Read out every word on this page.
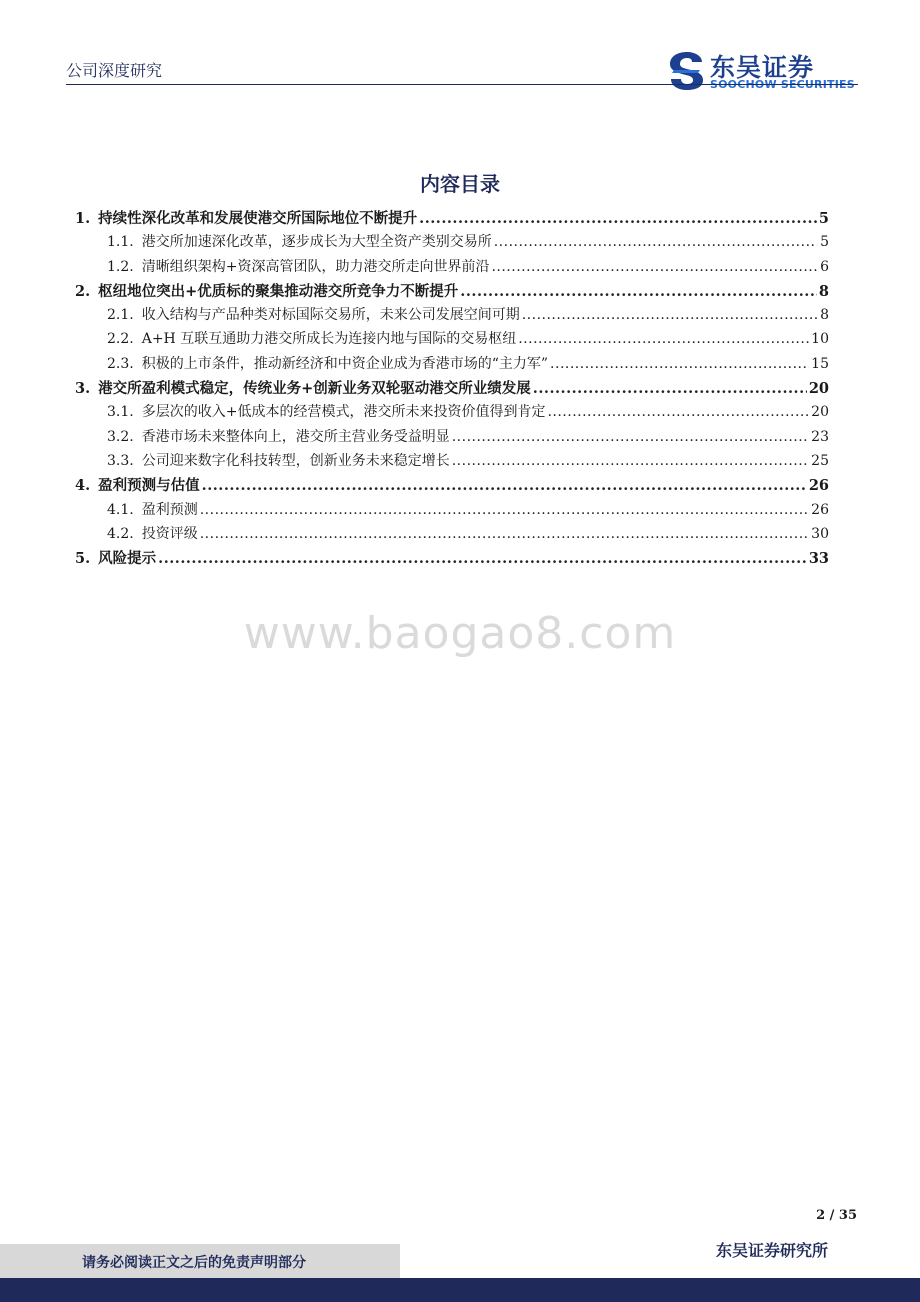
公司深度研究	东吴证券
SOOCHOW SECURITIES
内容目录
1. 持续性深化改革和发展使港交所国际地位不断提升 .....	5
1.1. 港交所加速深化改革，逐步成长为大型全资产类别交易所 .....	5
1.2. 清晰组织架构+资深高管团队，助力港交所走向世界前沿 .....	6
2. 枢纽地位突出+优质标的聚集推动港交所竞争力不断提升 .....	8
2.1. 收入结构与产品种类对标国际交易所，未来公司发展空间可期 .....	8
2.2. A+H 互联互通助力港交所成长为连接内地与国际的交易枢纽 .....	10
2.3. 积极的上市条件，推动新经济和中资企业成为香港市场的“主力军” .....	15
3. 港交所盈利模式稳定，传统业务+创新业务双轮驱动港交所业绩发展 .....	20
3.1. 多层次的收入+低成本的经营模式，港交所未来投资价值得到肯定 .....	20
3.2. 香港市场未来整体向上，港交所主营业务受益明显 .....	23
3.3. 公司迎来数字化科技转型，创新业务未来稳定增长 .....	25
4. 盈利预测与估值 .....	26
4.1. 盈利预测 .....	26
4.2. 投资评级 .....	30
5. 风险提示 .....	33
www.baogao8.com
2 / 35
请务必阅读正文之后的免责声明部分
东吴证券研究所
